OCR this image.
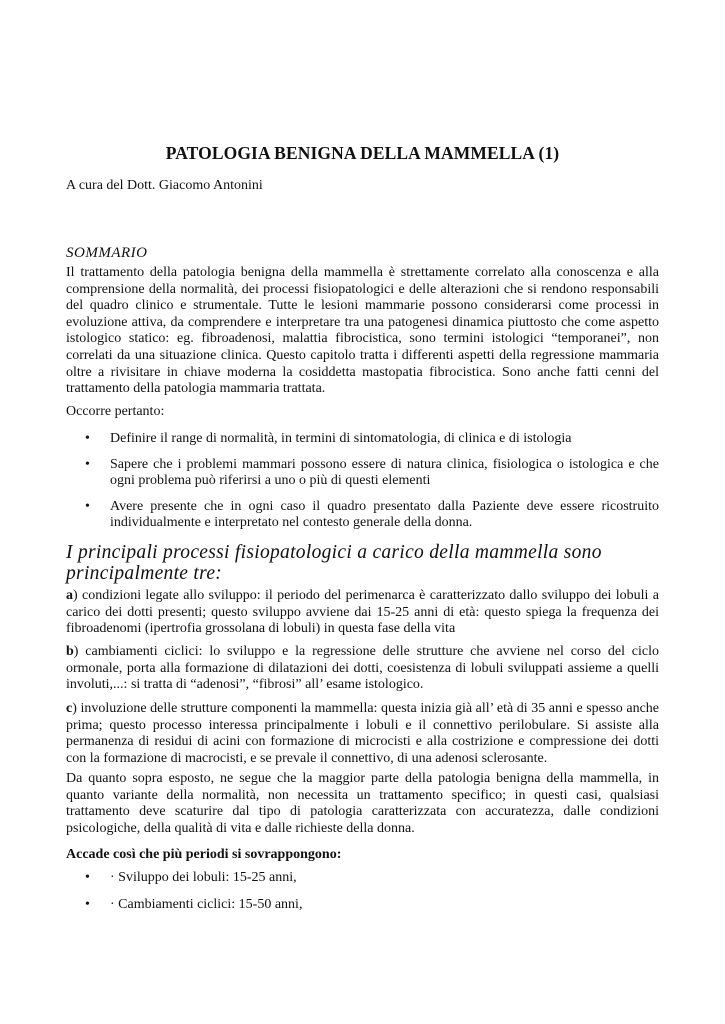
PATOLOGIA BENIGNA DELLA MAMMELLA (1)
A cura del Dott. Giacomo Antonini
SOMMARIO

Il trattamento della patologia benigna della mammella è strettamente correlato alla conoscenza e alla comprensione della normalità, dei processi fisiopatologici e delle alterazioni che si rendono responsabili del quadro clinico e strumentale. Tutte le lesioni mammarie possono considerarsi come processi in evoluzione attiva, da comprendere e interpretare tra una patogenesi dinamica piuttosto che come aspetto istologico statico: eg. fibroadenosi, malattia fibrocistica, sono termini istologici “temporanei”, non correlati da una situazione clinica. Questo capitolo tratta i differenti aspetti della regressione mammaria oltre a rivisitare in chiave moderna la cosiddetta mastopatia fibrocistica. Sono anche fatti cenni del trattamento della patologia mammaria trattata.

Occorre pertanto:

• Definire il range di normalità, in termini di sintomatologia, di clinica e di istologia
• Sapere che i problemi mammari possono essere di natura clinica, fisiologica o istologica e che ogni problema può riferirsi a uno o più di questi elementi
• Avere presente che in ogni caso il quadro presentato dalla Paziente deve essere ricostruito individualmente e interpretato nel contesto generale della donna.
I principali processi fisiopatologici a carico della mammella sono principalmente tre:

a) condizioni legate allo sviluppo: il periodo del perimenarca è caratterizzato dallo sviluppo dei lobuli a carico dei dotti presenti; questo sviluppo avviene dai 15-25 anni di età: questo spiega la frequenza dei fibroadenomi (ipertrofia grossolana di lobuli) in questa fase della vita

b) cambiamenti ciclici: lo sviluppo e la regressione delle strutture che avviene nel corso del ciclo ormonale, porta alla formazione di dilatazioni dei dotti, coesistenza di lobuli sviluppati assieme a quelli involuti,...: si tratta di “adenosi”, “fibrosi” all’ esame istologico.

c) involuzione delle strutture componenti la mammella: questa inizia già all’ età di 35 anni e spesso anche prima; questo processo interessa principalmente i lobuli e il connettivo perilobulare. Si assiste alla permanenza di residui di acini con formazione di microcisti e alla costrizione e compressione dei dotti con la formazione di macrocisti, e se prevale il connettivo, di una adenosi sclerosante.

Da quanto sopra esposto, ne segue che la maggior parte della patologia benigna della mammella, in quanto variante della normalità, non necessita un trattamento specifico; in questi casi, qualsiasi trattamento deve scaturire dal tipo di patologia caratterizzata con accuratezza, dalle condizioni psicologiche, della qualità di vita e dalle richieste della donna.

Accade così che più periodi si sovrappongono:
• · Sviluppo dei lobuli: 15-25 anni,
• · Cambiamenti ciclici: 15-50 anni,
